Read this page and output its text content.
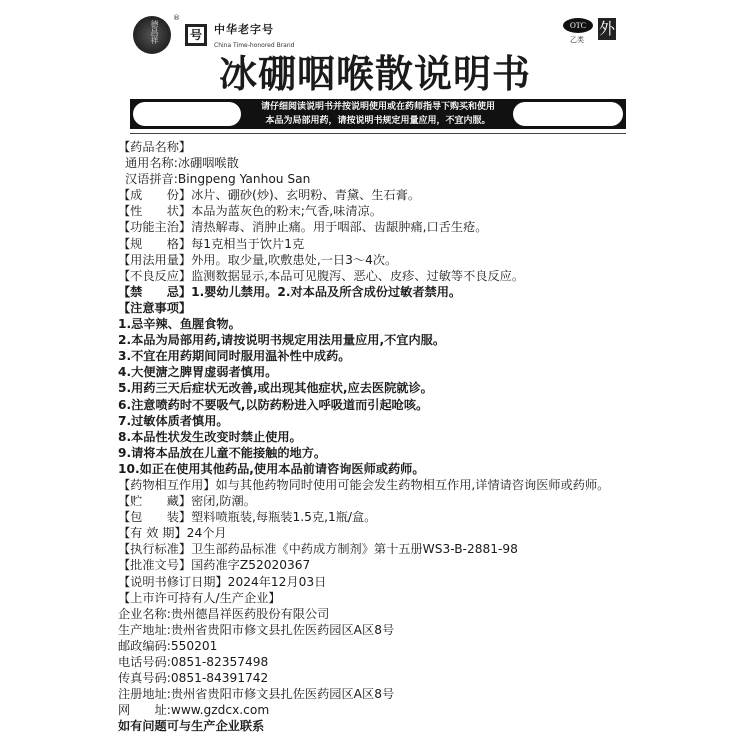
德昌祥
®
号	中华老字号
China Time-honored Brand
OTC
乙类
外
冰硼咽喉散说明书
请仔细阅读说明书并按说明使用或在药师指导下购买和使用
本品为局部用药，请按说明书规定用量应用，不宜内服。
【药品名称】
通用名称:冰硼咽喉散
汉语拼音:Bingpeng Yanhou San
【成　　份】冰片、硼砂(炒)、玄明粉、青黛、生石膏。
【性　　状】本品为蓝灰色的粉末;气香,味清凉。
【功能主治】清热解毒、消肿止痛。用于咽部、齿龈肿痛,口舌生疮。
【规　　格】每1克相当于饮片1克
【用法用量】外用。取少量,吹敷患处,一日3～4次。
【不良反应】监测数据显示,本品可见腹泻、恶心、皮疹、过敏等不良反应。
【禁　　忌】1.婴幼儿禁用。2.对本品及所含成份过敏者禁用。
【注意事项】
1.忌辛辣、鱼腥食物。
2.本品为局部用药,请按说明书规定用法用量应用,不宜内服。
3.不宜在用药期间同时服用温补性中成药。
4.大便溏之脾胃虚弱者慎用。
5.用药三天后症状无改善,或出现其他症状,应去医院就诊。
6.注意喷药时不要吸气,以防药粉进入呼吸道而引起呛咳。
7.过敏体质者慎用。
8.本品性状发生改变时禁止使用。
9.请将本品放在儿童不能接触的地方。
10.如正在使用其他药品,使用本品前请咨询医师或药师。
【药物相互作用】如与其他药物同时使用可能会发生药物相互作用,详情请咨询医师或药师。
【贮　　藏】密闭,防潮。
【包　　装】塑料喷瓶装,每瓶装1.5克,1瓶/盒。
【有 效 期】24个月
【执行标准】卫生部药品标准《中药成方制剂》第十五册WS3-B-2881-98
【批准文号】国药准字Z52020367
【说明书修订日期】2024年12月03日
【上市许可持有人/生产企业】
企业名称:贵州德昌祥医药股份有限公司
生产地址:贵州省贵阳市修文县扎佐医药园区A区8号
邮政编码:550201
电话号码:0851-82357498
传真号码:0851-84391742
注册地址:贵州省贵阳市修文县扎佐医药园区A区8号
网　　址:www.gzdcx.com
如有问题可与生产企业联系
